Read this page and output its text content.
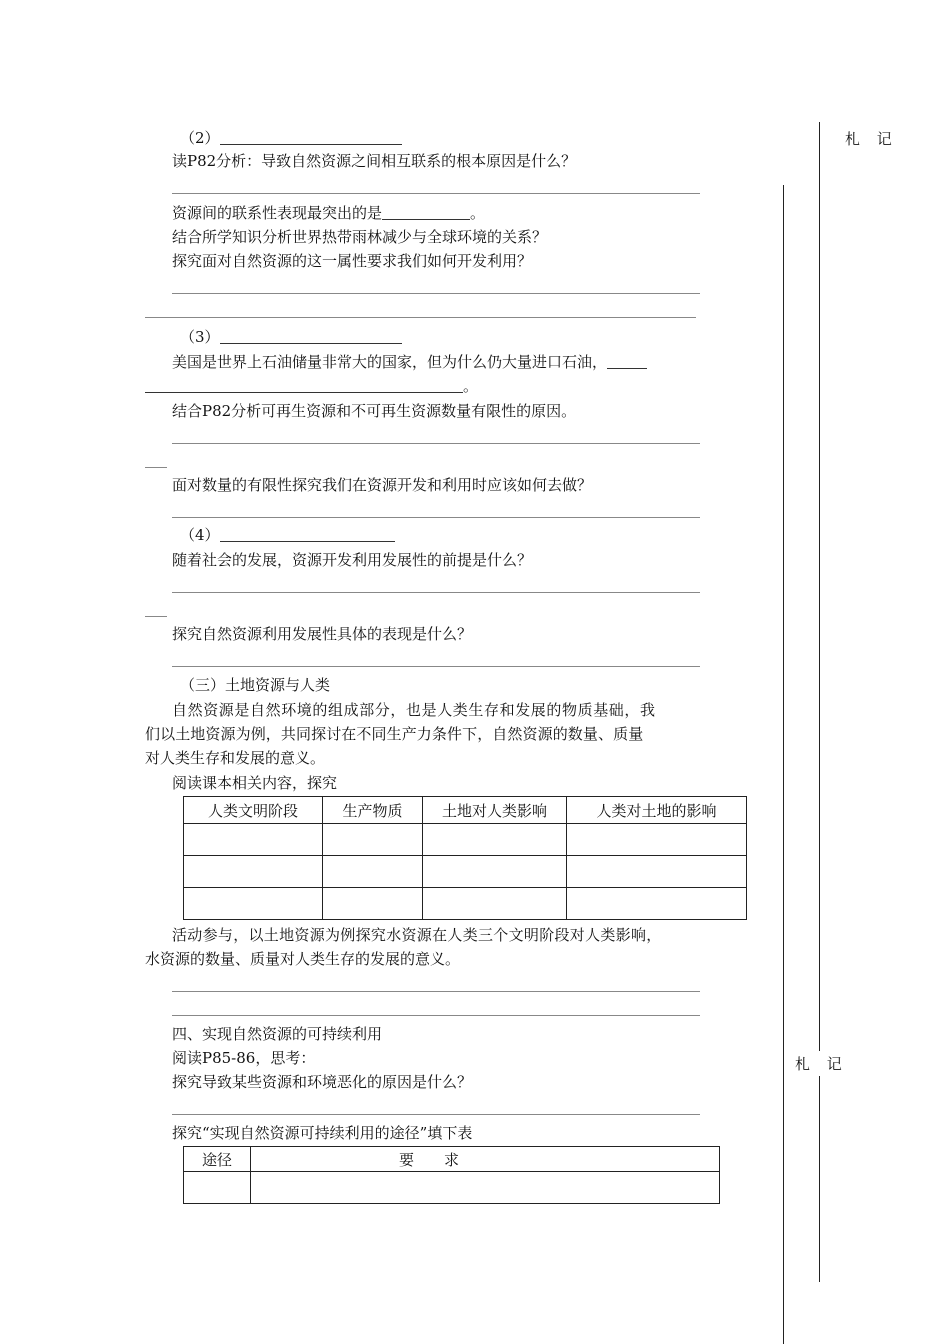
札 记
札 记
（2）
读P82分析：导致自然资源之间相互联系的根本原因是什么？
资源间的联系性表现最突出的是	。
结合所学知识分析世界热带雨林减少与全球环境的关系？
探究面对自然资源的这一属性要求我们如何开发利用？
（3）
美国是世界上石油储量非常大的国家，但为什么仍大量进口石油，
。
结合P82分析可再生资源和不可再生资源数量有限性的原因。
面对数量的有限性探究我们在资源开发和利用时应该如何去做？
（4）
随着社会的发展，资源开发利用发展性的前提是什么？
探究自然资源利用发展性具体的表现是什么？
（三）土地资源与人类
自然资源是自然环境的组成部分，也是人类生存和发展的物质基础，我
们以土地资源为例，共同探讨在不同生产力条件下，自然资源的数量、质量
对人类生存和发展的意义。
阅读课本相关内容，探究
人类文明阶段	生产物质	土地对人类影响	人类对土地的影响

活动参与，以土地资源为例探究水资源在人类三个文明阶段对人类影响，
水资源的数量、质量对人类生存的发展的意义。
四、实现自然资源的可持续利用
阅读P85-86，思考：
探究导致某些资源和环境恶化的原因是什么？
探究“实现自然资源可持续利用的途径”填下表
途径	要　　求
